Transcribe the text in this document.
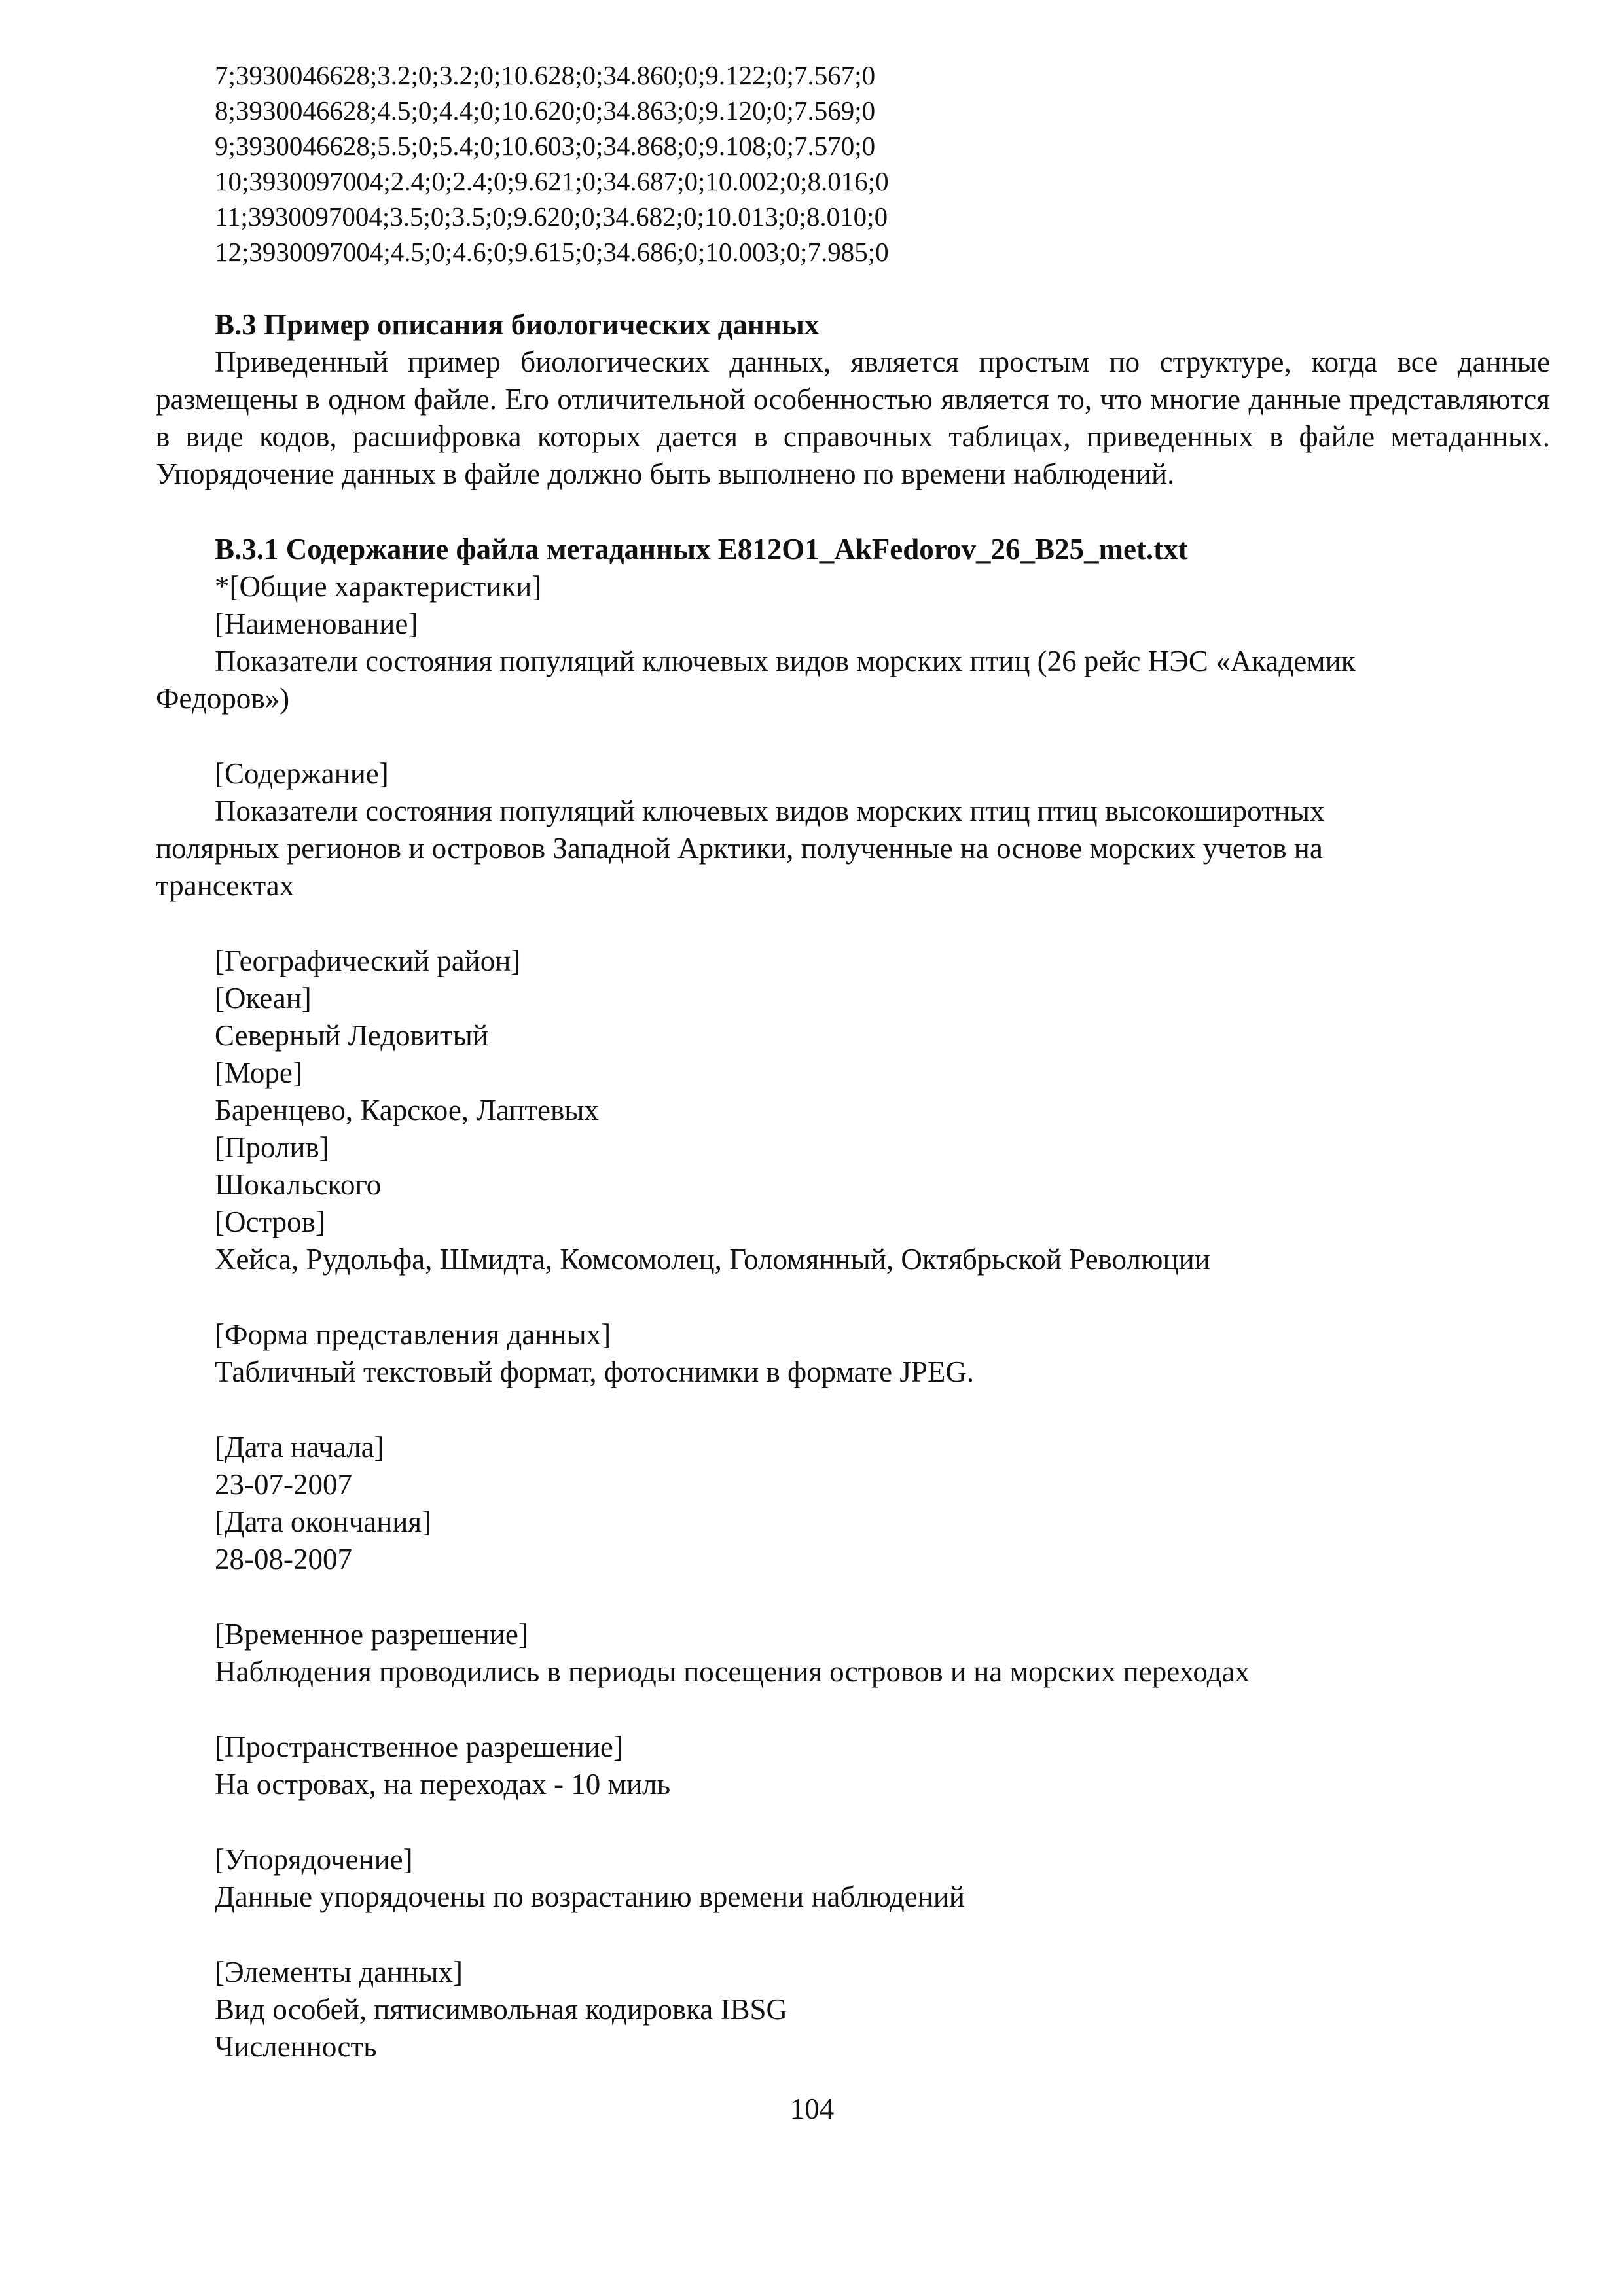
7;3930046628;3.2;0;3.2;0;10.628;0;34.860;0;9.122;0;7.567;0
8;3930046628;4.5;0;4.4;0;10.620;0;34.863;0;9.120;0;7.569;0
9;3930046628;5.5;0;5.4;0;10.603;0;34.868;0;9.108;0;7.570;0
10;3930097004;2.4;0;2.4;0;9.621;0;34.687;0;10.002;0;8.016;0
11;3930097004;3.5;0;3.5;0;9.620;0;34.682;0;10.013;0;8.010;0
12;3930097004;4.5;0;4.6;0;9.615;0;34.686;0;10.003;0;7.985;0
В.3 Пример описания биологических данных
Приведенный пример биологических данных, является простым по структуре, когда все данные размещены в одном файле. Его отличительной особенностью является то, что многие данные представляются в виде кодов, расшифровка которых дается в справочных таблицах, приведенных в файле метаданных. Упорядочение данных в файле должно быть выполнено по времени наблюдений.
В.3.1 Содержание файла метаданных E812O1_AkFedorov_26_B25_met.txt
*[Общие характеристики]
[Наименование]
Показатели состояния популяций ключевых видов морских птиц (26 рейс НЭС «Академик
Федоров»)
[Содержание]
Показатели состояния популяций ключевых видов морских птиц птиц высокоширотных
полярных регионов и островов Западной Арктики, полученные на основе морских учетов на
трансектах
[Географический район]
[Океан]
Северный Ледовитый
[Море]
Баренцево, Карское, Лаптевых
[Пролив]
Шокальского
[Остров]
Хейса, Рудольфа, Шмидта, Комсомолец, Голомянный, Октябрьской Революции
[Форма представления данных]
Табличный текстовый формат, фотоснимки в формате JPEG.
[Дата начала]
23-07-2007
[Дата окончания]
28-08-2007
[Временное разрешение]
Наблюдения проводились в периоды посещения островов и на морских переходах
[Пространственное разрешение]
На островах, на переходах - 10 миль
[Упорядочение]
Данные упорядочены по возрастанию времени наблюдений
[Элементы данных]
Вид особей, пятисимвольная кодировка IBSG
Численность
104
